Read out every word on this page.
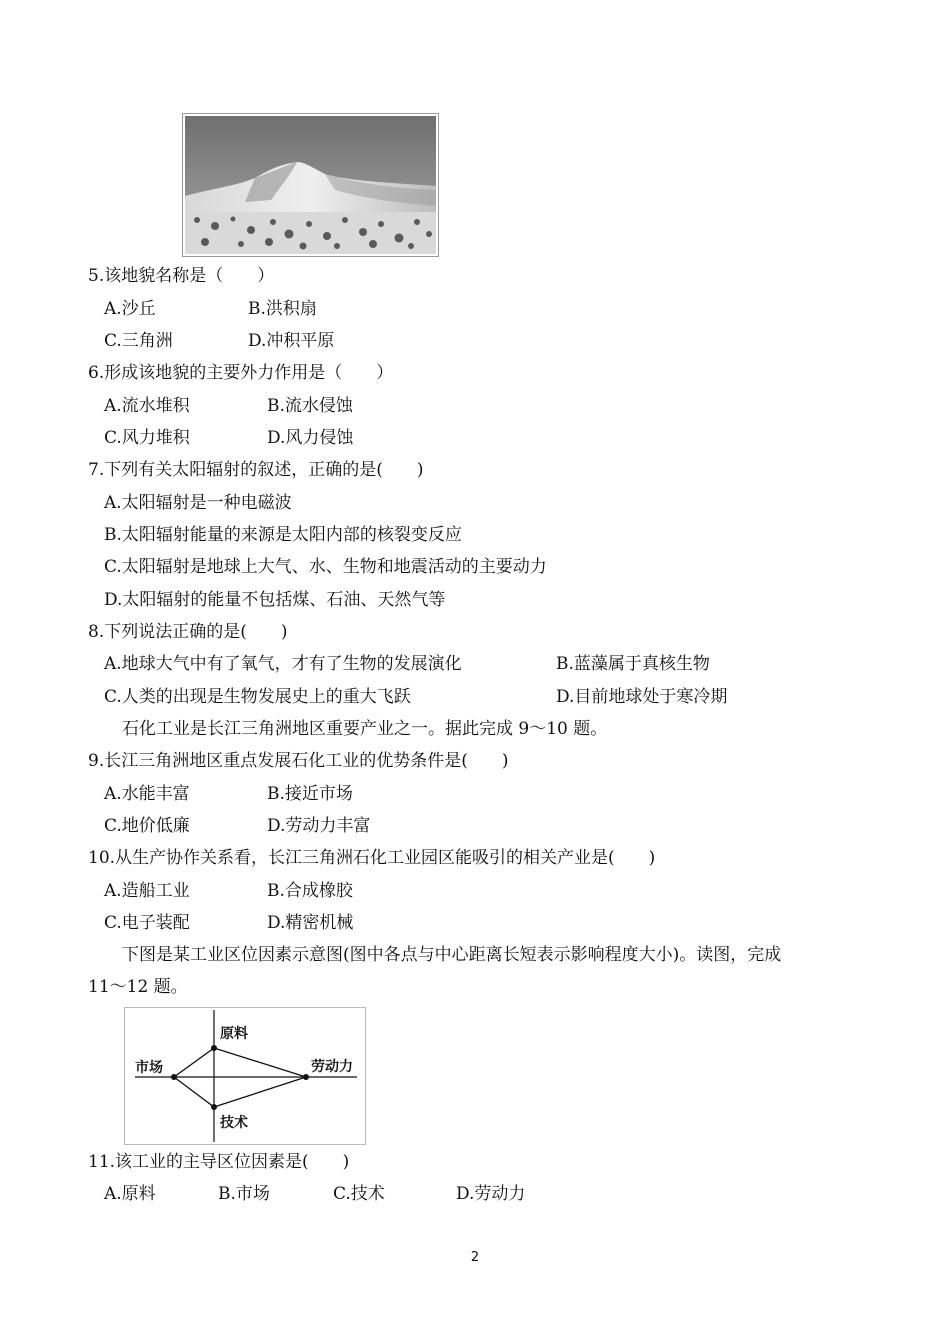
5.该地貌名称是（　　）
A.沙丘	B.洪积扇
C.三角洲	D.冲积平原
6.形成该地貌的主要外力作用是（　　）
A.流水堆积	B.流水侵蚀
C.风力堆积	D.风力侵蚀
7.下列有关太阳辐射的叙述，正确的是(　　)
A.太阳辐射是一种电磁波
B.太阳辐射能量的来源是太阳内部的核裂变反应
C.太阳辐射是地球上大气、水、生物和地震活动的主要动力
D.太阳辐射的能量不包括煤、石油、天然气等
8.下列说法正确的是(　　)
A.地球大气中有了氧气，才有了生物的发展演化	B.蓝藻属于真核生物
C.人类的出现是生物发展史上的重大飞跃	D.目前地球处于寒冷期
石化工业是长江三角洲地区重要产业之一。据此完成 9～10 题。
9.长江三角洲地区重点发展石化工业的优势条件是(　　)
A.水能丰富	B.接近市场
C.地价低廉	D.劳动力丰富
10.从生产协作关系看，长江三角洲石化工业园区能吸引的相关产业是(　　)
A.造船工业	B.合成橡胶
C.电子装配	D.精密机械
下图是某工业区位因素示意图(图中各点与中心距离长短表示影响程度大小)。读图，完成
11～12 题。
原料
市场	劳动力
技术
11.该工业的主导区位因素是(　　)
A.原料	B.市场	C.技术	D.劳动力
2
